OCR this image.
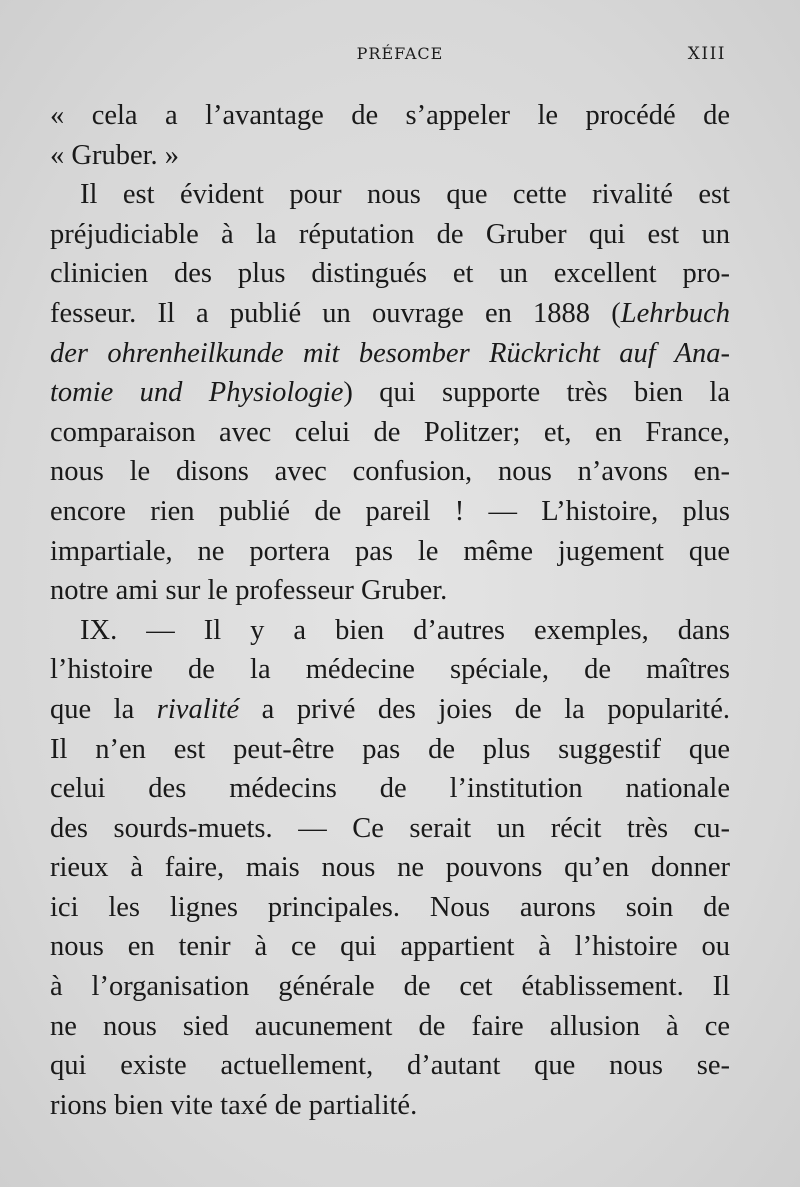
PRÉFACE	XIII
« cela a l’avantage de s’appeler le procédé de
« Gruber. »
Il est évident pour nous que cette rivalité est
préjudiciable à la réputation de Gruber qui est un
clinicien des plus distingués et un excellent pro-
fesseur. Il a publié un ouvrage en 1888 (Lehrbuch
der ohrenheilkunde mit besomber Rückricht auf Ana-
tomie und Physiologie) qui supporte très bien la
comparaison avec celui de Politzer; et, en France,
nous le disons avec confusion, nous n’avons en-
encore rien publié de pareil ! — L’histoire, plus
impartiale, ne portera pas le même jugement que
notre ami sur le professeur Gruber.
IX. — Il y a bien d’autres exemples, dans
l’histoire de la médecine spéciale, de maîtres
que la rivalité a privé des joies de la popularité.
Il n’en est peut-être pas de plus suggestif que
celui des médecins de l’institution nationale
des sourds-muets. — Ce serait un récit très cu-
rieux à faire, mais nous ne pouvons qu’en donner
ici les lignes principales. Nous aurons soin de
nous en tenir à ce qui appartient à l’histoire ou
à l’organisation générale de cet établissement. Il
ne nous sied aucunement de faire allusion à ce
qui existe actuellement, d’autant que nous se-
rions bien vite taxé de partialité.
